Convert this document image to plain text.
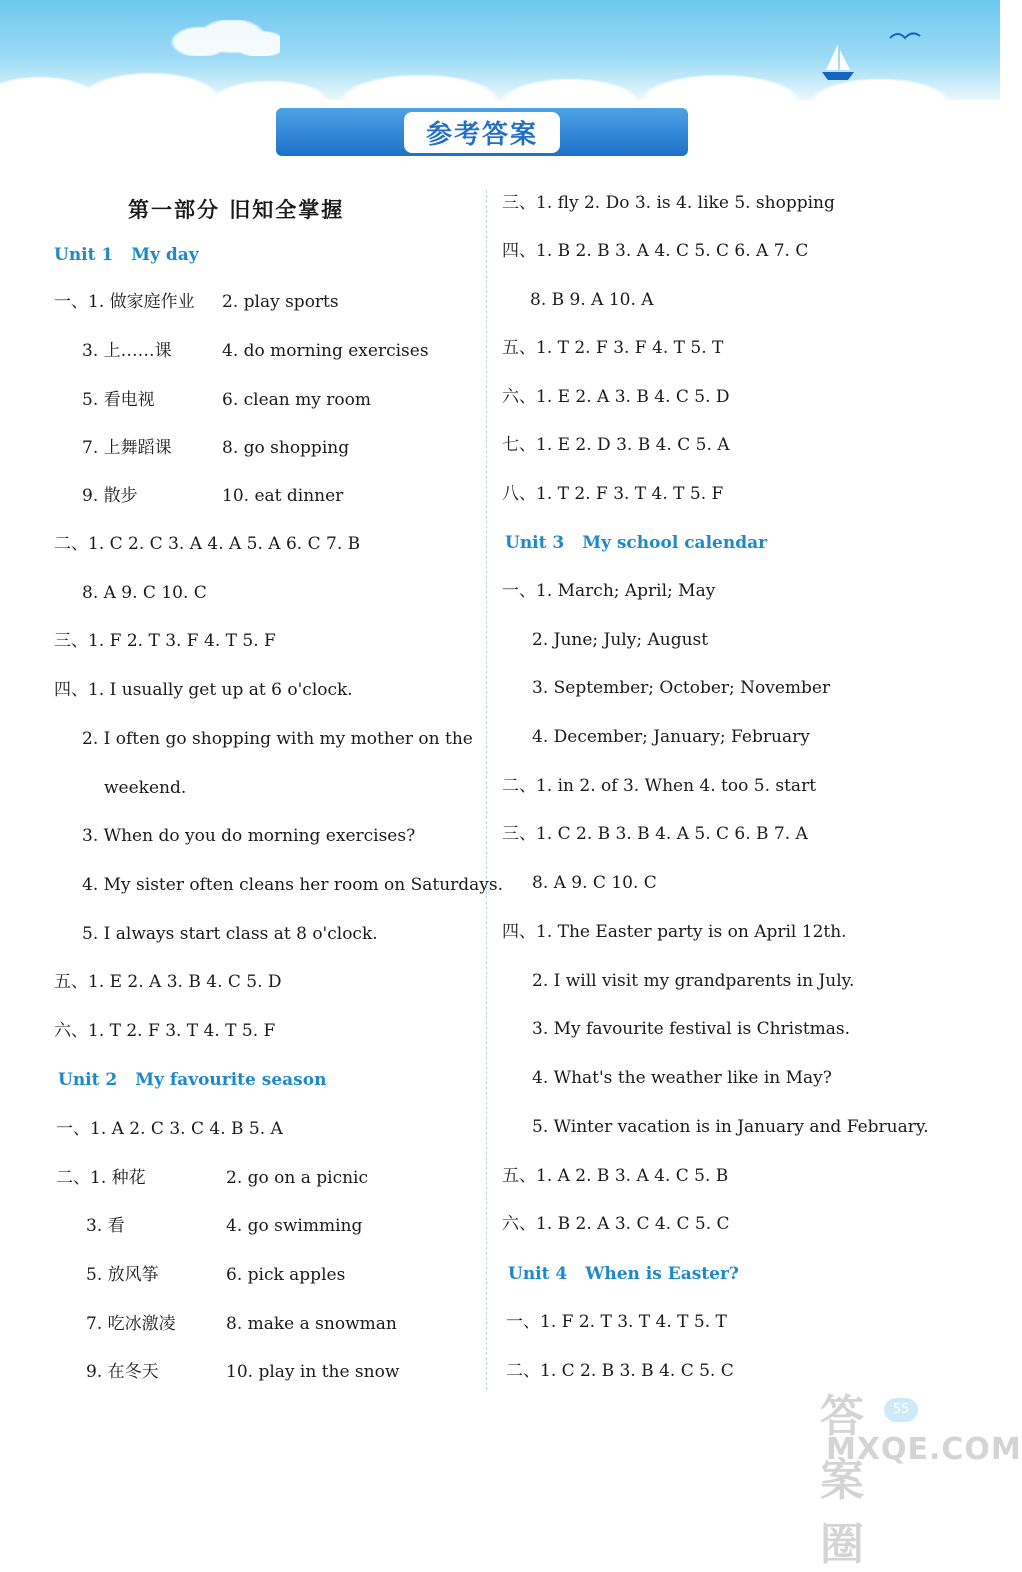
参考答案
第一部分 旧知全掌握
Unit 1 My day
一、1. 做家庭作业 2. play sports
3. 上……课	4. do morning exercises
5. 看电视	6. clean my room
7. 上舞蹈课	8. go shopping
9. 散步	10. eat dinner
二、1. C 2. C 3. A 4. A 5. A 6. C 7. B
8. A 9. C 10. C
三、1. F 2. T 3. F 4. T 5. F
四、1. I usually get up at 6 o'clock.
2. I often go shopping with my mother on the
weekend.
3. When do you do morning exercises?
4. My sister often cleans her room on Saturdays.
5. I always start class at 8 o'clock.
五、1. E 2. A 3. B 4. C 5. D
六、1. T 2. F 3. T 4. T 5. F
Unit 2 My favourite season
一、1. A 2. C 3. C 4. B 5. A
二、1. 种花	2. go on a picnic
3. 看	4. go swimming
5. 放风筝	6. pick apples
7. 吃冰激凌	8. make a snowman
9. 在冬天	10. play in the snow
三、1. fly 2. Do 3. is 4. like 5. shopping
四、1. B 2. B 3. A 4. C 5. C 6. A 7. C
8. B 9. A 10. A
五、1. T 2. F 3. F 4. T 5. T
六、1. E 2. A 3. B 4. C 5. D
七、1. E 2. D 3. B 4. C 5. A
八、1. T 2. F 3. T 4. T 5. F
Unit 3 My school calendar
一、1. March; April; May
2. June; July; August
3. September; October; November
4. December; January; February
二、1. in 2. of 3. When 4. too 5. start
三、1. C 2. B 3. B 4. A 5. C 6. B 7. A
8. A 9. C 10. C
四、1. The Easter party is on April 12th.
2. I will visit my grandparents in July.
3. My favourite festival is Christmas.
4. What's the weather like in May?
5. Winter vacation is in January and February.
五、1. A 2. B 3. A 4. C 5. B
六、1. B 2. A 3. C 4. C 5. C
Unit 4 When is Easter?
一、1. F 2. T 3. T 4. T 5. T
二、1. C 2. B 3. B 4. C 5. C
55
答案圈
MXQE.COM
